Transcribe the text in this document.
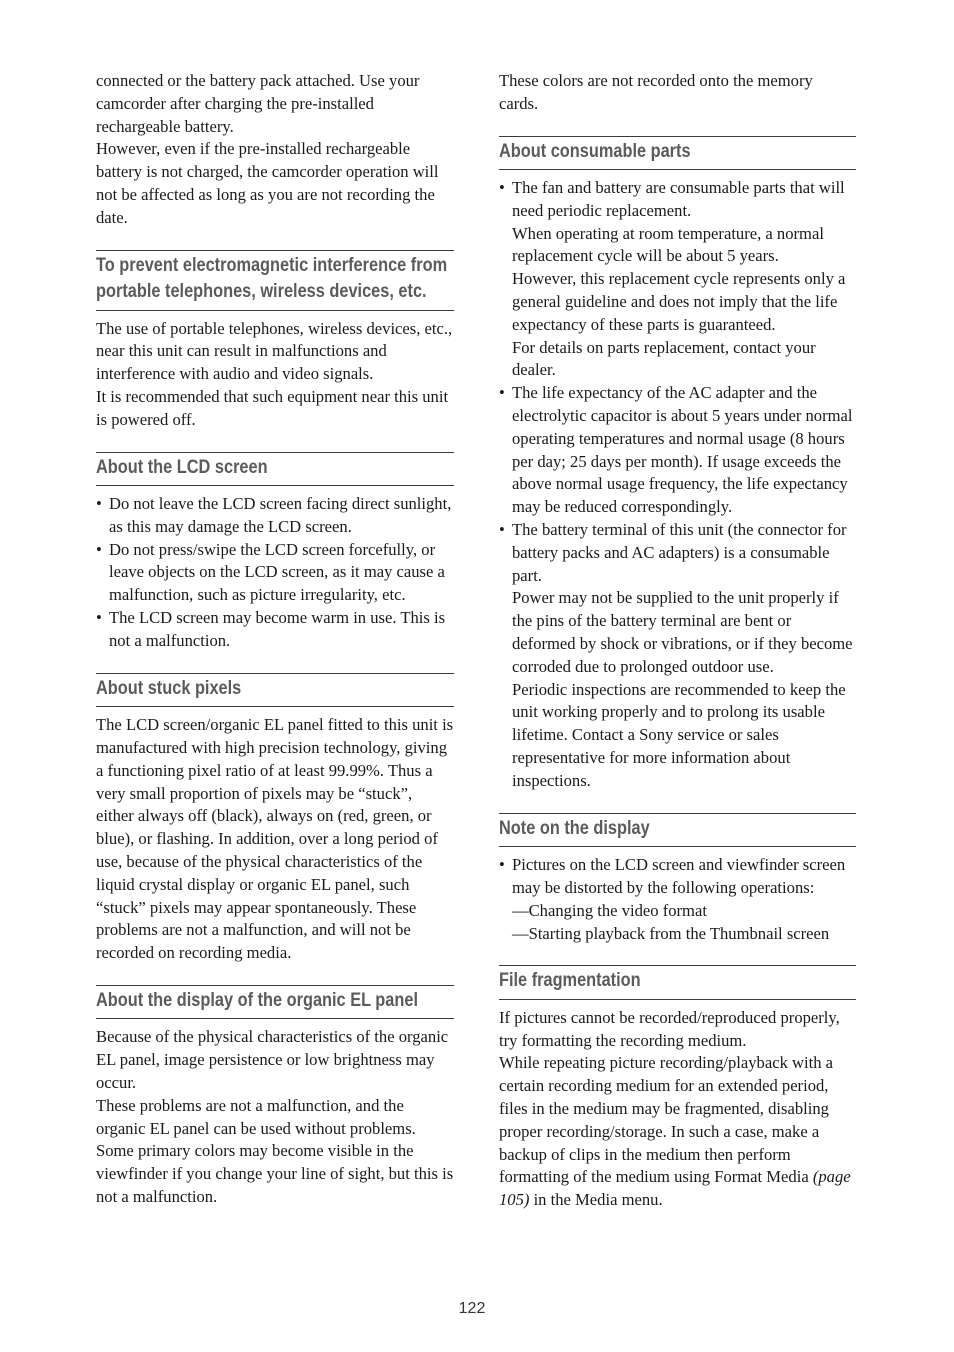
connected or the battery pack attached. Use your camcorder after charging the pre-installed rechargeable battery.

However, even if the pre-installed rechargeable battery is not charged, the camcorder operation will not be affected as long as you are not recording the date.

To prevent electromagnetic interference from portable telephones, wireless devices, etc.

The use of portable telephones, wireless devices, etc., near this unit can result in malfunctions and interference with audio and video signals.

It is recommended that such equipment near this unit is powered off.

About the LCD screen
• Do not leave the LCD screen facing direct sunlight, as this may damage the LCD screen.
• Do not press/swipe the LCD screen forcefully, or leave objects on the LCD screen, as it may cause a malfunction, such as picture irregularity, etc.
• The LCD screen may become warm in use. This is not a malfunction.
About stuck pixels

The LCD screen/organic EL panel fitted to this unit is manufactured with high precision technology, giving a functioning pixel ratio of at least 99.99%. Thus a very small proportion of pixels may be “stuck”, either always off (black), always on (red, green, or blue), or flashing. In addition, over a long period of use, because of the physical characteristics of the liquid crystal display or organic EL panel, such “stuck” pixels may appear spontaneously. These problems are not a malfunction, and will not be recorded on recording media.

About the display of the organic EL panel

Because of the physical characteristics of the organic EL panel, image persistence or low brightness may occur.

These problems are not a malfunction, and the organic EL panel can be used without problems.

Some primary colors may become visible in the viewfinder if you change your line of sight, but this is not a malfunction.

These colors are not recorded onto the memory cards.

About consumable parts
• The fan and battery are consumable parts that will need periodic replacement.
When operating at room temperature, a normal replacement cycle will be about 5 years.
However, this replacement cycle represents only a general guideline and does not imply that the life expectancy of these parts is guaranteed.
For details on parts replacement, contact your dealer.
• The life expectancy of the AC adapter and the electrolytic capacitor is about 5 years under normal operating temperatures and normal usage (8 hours per day; 25 days per month). If usage exceeds the above normal usage frequency, the life expectancy may be reduced correspondingly.
• The battery terminal of this unit (the connector for battery packs and AC adapters) is a consumable part.
Power may not be supplied to the unit properly if the pins of the battery terminal are bent or deformed by shock or vibrations, or if they become corroded due to prolonged outdoor use.
Periodic inspections are recommended to keep the unit working properly and to prolong its usable lifetime. Contact a Sony service or sales representative for more information about inspections.
Note on the display
• Pictures on the LCD screen and viewfinder screen may be distorted by the following operations:
—Changing the video format
—Starting playback from the Thumbnail screen
File fragmentation

If pictures cannot be recorded/reproduced properly, try formatting the recording medium.

While repeating picture recording/playback with a certain recording medium for an extended period, files in the medium may be fragmented, disabling proper recording/storage. In such a case, make a backup of clips in the medium then perform formatting of the medium using Format Media (page 105) in the Media menu.

122
